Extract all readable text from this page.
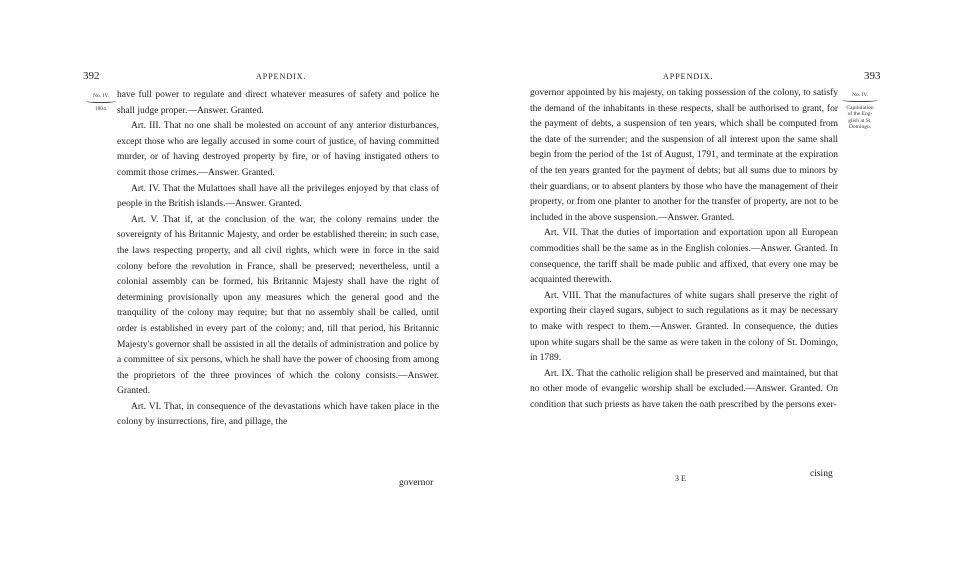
392	APPENDIX.
No. IV.
1804.

have full power to regulate and direct whatever measures of safety and police he shall judge proper.—Answer. Granted.

Art. III. That no one shall be molested on account of any anterior disturbances, except those who are legally accused in some court of justice, of having committed murder, or of having destroyed property by fire, or of having instigated others to commit those crimes.—Answer. Granted.

Art. IV. That the Mulattoes shall have all the privileges enjoyed by that class of people in the British islands.—Answer. Granted.

Art. V. That if, at the conclusion of the war, the colony remains under the sovereignty of his Britannic Majesty, and order be established therein; in such case, the laws respecting property, and all civil rights, which were in force in the said colony before the revolution in France, shall be preserved; nevertheless, until a colonial assembly can be formed, his Britannic Majesty shall have the right of determining provisionally upon any measures which the general good and the tranquility of the colony may require; but that no assembly shall be called, until order is established in every part of the colony; and, till that period, his Britannic Majesty's governor shall be assisted in all the details of administration and police by a committee of six persons, which he shall have the power of choosing from among the proprietors of the three provinces of which the colony consists.—Answer. Granted.

Art. VI. That, in consequence of the devastations which have taken place in the colony by insurrections, fire, and pillage, the

governor
393
APPENDIX.
No. IV.
Capitulation
of the Eng-
glish at St.
Domingo.

governor appointed by his majesty, on taking possession of the colony, to satisfy the demand of the inhabitants in these respects, shall be authorised to grant, for the payment of debts, a suspension of ten years, which shall be computed from the date of the surrender; and the suspension of all interest upon the same shall begin from the period of the 1st of August, 1791, and terminate at the expiration of the ten years granted for the payment of debts; but all sums due to minors by their guardians, or to absent planters by those who have the management of their property, or from one planter to another for the transfer of property, are not to be included in the above suspension.—Answer. Granted.

Art. VII. That the duties of importation and exportation upon all European commodities shall be the same as in the English colonies.—Answer. Granted. In consequence, the tariff shall be made public and affixed, that every one may be acquainted therewith.

Art. VIII. That the manufactures of white sugars shall preserve the right of exporting their clayed sugars, subject to such regulations as it may be necessary to make with respect to them.—Answer. Granted. In consequence, the duties upon white sugars shall be the same as were taken in the colony of St. Domingo, in 1789.

Art. IX. That the catholic religion shall be preserved and maintained, but that no other mode of evangelic worship shall be excluded.—Answer. Granted. On condition that such priests as have taken the oath prescribed by the persons exer-

3 E	cising
